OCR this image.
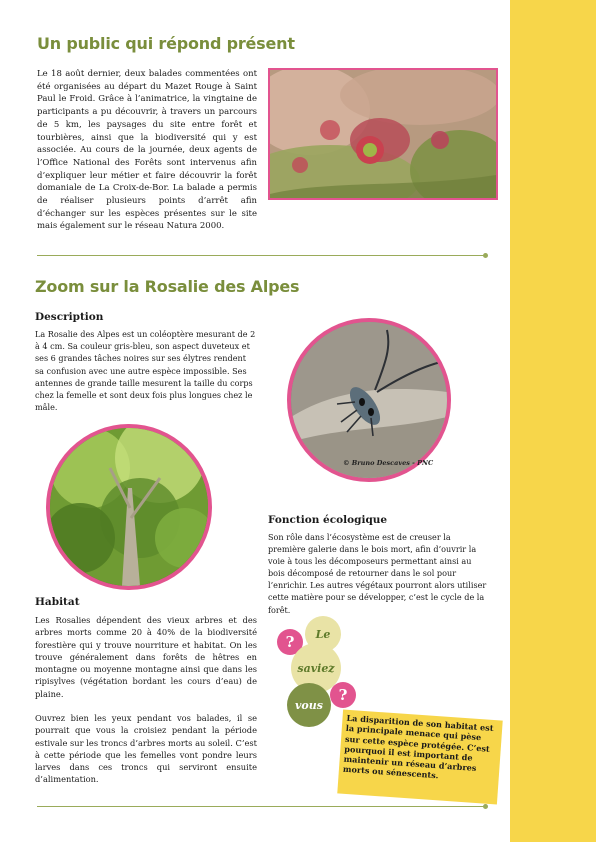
Un public qui répond présent

Le 18 août dernier, deux balades commentées ont été organisées au départ du Mazet Rouge à Saint Paul le Froid. Grâce à l’animatrice, la vingtaine de participants a pu découvrir, à travers un parcours de 5 km, les paysages du site entre forêt et tourbières, ainsi que la biodiversité qui y est associée. Au cours de la journée, deux agents de l’Office National des Forêts sont intervenus afin d’expliquer leur métier et faire découvrir la forêt domaniale de La Croix-de-Bor. La balade a permis de réaliser plusieurs points d’arrêt afin d’échanger sur les espèces présentes sur le site mais également sur le réseau Natura 2000.

Zoom sur la Rosalie des Alpes
Description

La Rosalie des Alpes est un coléoptère mesurant de 2 à 4 cm. Sa couleur gris-bleu, son aspect duveteux et ses 6 grandes tâches noires sur ses élytres rendent sa confusion avec une autre espèce impossible. Ses antennes de grande taille mesurent la taille du corps chez la femelle et sont deux fois plus longues chez le mâle.

© Bruno Descaves - PNC
Fonction écologique

Son rôle dans l’écosystème est de creuser la première galerie dans le bois mort, afin d’ouvrir la voie à tous les décomposeurs permettant ainsi au bois décomposé de retourner dans le sol pour l’enrichir. Les autres végétaux pourront alors utiliser cette matière pour se développer, c’est le cycle de la forêt.

Habitat

Les Rosalies dépendent des vieux arbres et des arbres morts comme 20 à 40% de la biodiversité forestière qui y trouve nourriture et habitat. On les trouve généralement dans forêts de hêtres en montagne ou moyenne montagne ainsi que dans les ripisylves (végétation bordant les cours d’eau) de plaine.

Ouvrez bien les yeux pendant vos balades, il se pourrait que vous la croisiez pendant la période estivale sur les troncs d’arbres morts au soleil. C’est à cette période que les femelles vont pondre leurs larves dans ces troncs qui serviront ensuite d’alimentation.

?	Le
saviez
vous
?
La disparition de son habitat est la principale menace qui pèse sur cette espèce protégée. C’est pourquoi il est important de maintenir un réseau d’arbres morts ou sénescents.
